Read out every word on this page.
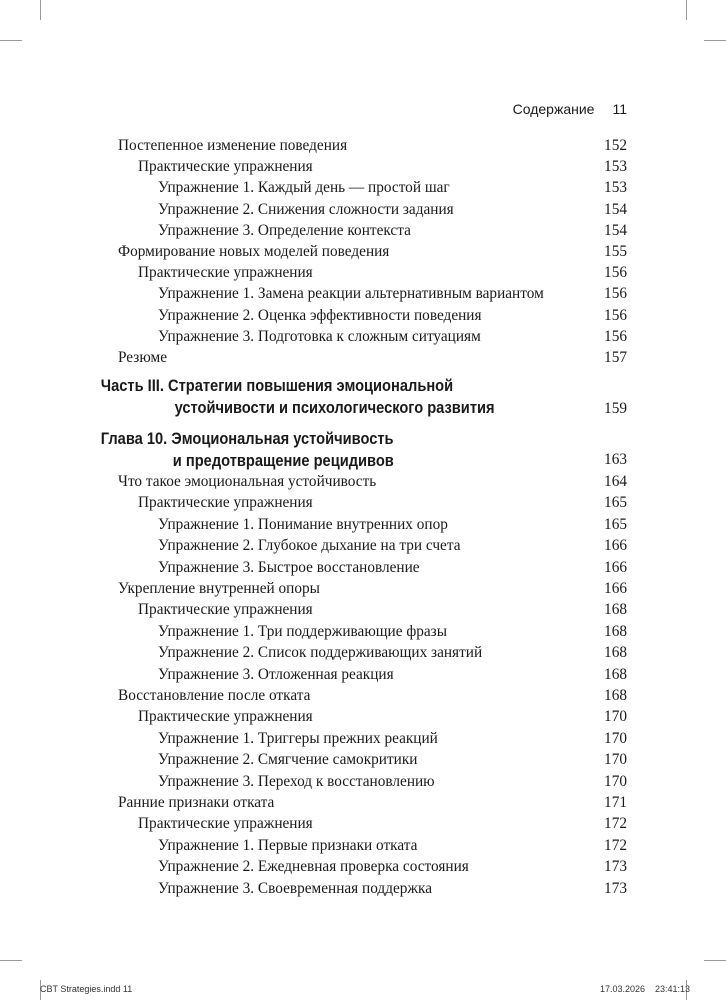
Содержание 11
Постепенное изменение поведения	152
Практические упражнения	153
Упражнение 1. Каждый день — простой шаг	153
Упражнение 2. Снижения сложности задания	154
Упражнение 3. Определение контекста	154
Формирование новых моделей поведения	155
Практические упражнения	156
Упражнение 1. Замена реакции альтернативным вариантом	156
Упражнение 2. Оценка эффективности поведения	156
Упражнение 3. Подготовка к сложным ситуациям	156
Резюме	157
Часть III. Стратегии повышения эмоциональной
устойчивости и психологического развития	159
Глава 10. Эмоциональная устойчивость
и предотвращение рецидивов	163
Что такое эмоциональная устойчивость	164
Практические упражнения	165
Упражнение 1. Понимание внутренних опор	165
Упражнение 2. Глубокое дыхание на три счета	166
Упражнение 3. Быстрое восстановление	166
Укрепление внутренней опоры	166
Практические упражнения	168
Упражнение 1. Три поддерживающие фразы	168
Упражнение 2. Список поддерживающих занятий	168
Упражнение 3. Отложенная реакция	168
Восстановление после отката	168
Практические упражнения	170
Упражнение 1. Триггеры прежних реакций	170
Упражнение 2. Смягчение самокритики	170
Упражнение 3. Переход к восстановлению	170
Ранние признаки отката	171
Практические упражнения	172
Упражнение 1. Первые признаки отката	172
Упражнение 2. Ежедневная проверка состояния	173
Упражнение 3. Своевременная поддержка	173
CBT Strategies.indd 11	17.03.2026 23:41:13
